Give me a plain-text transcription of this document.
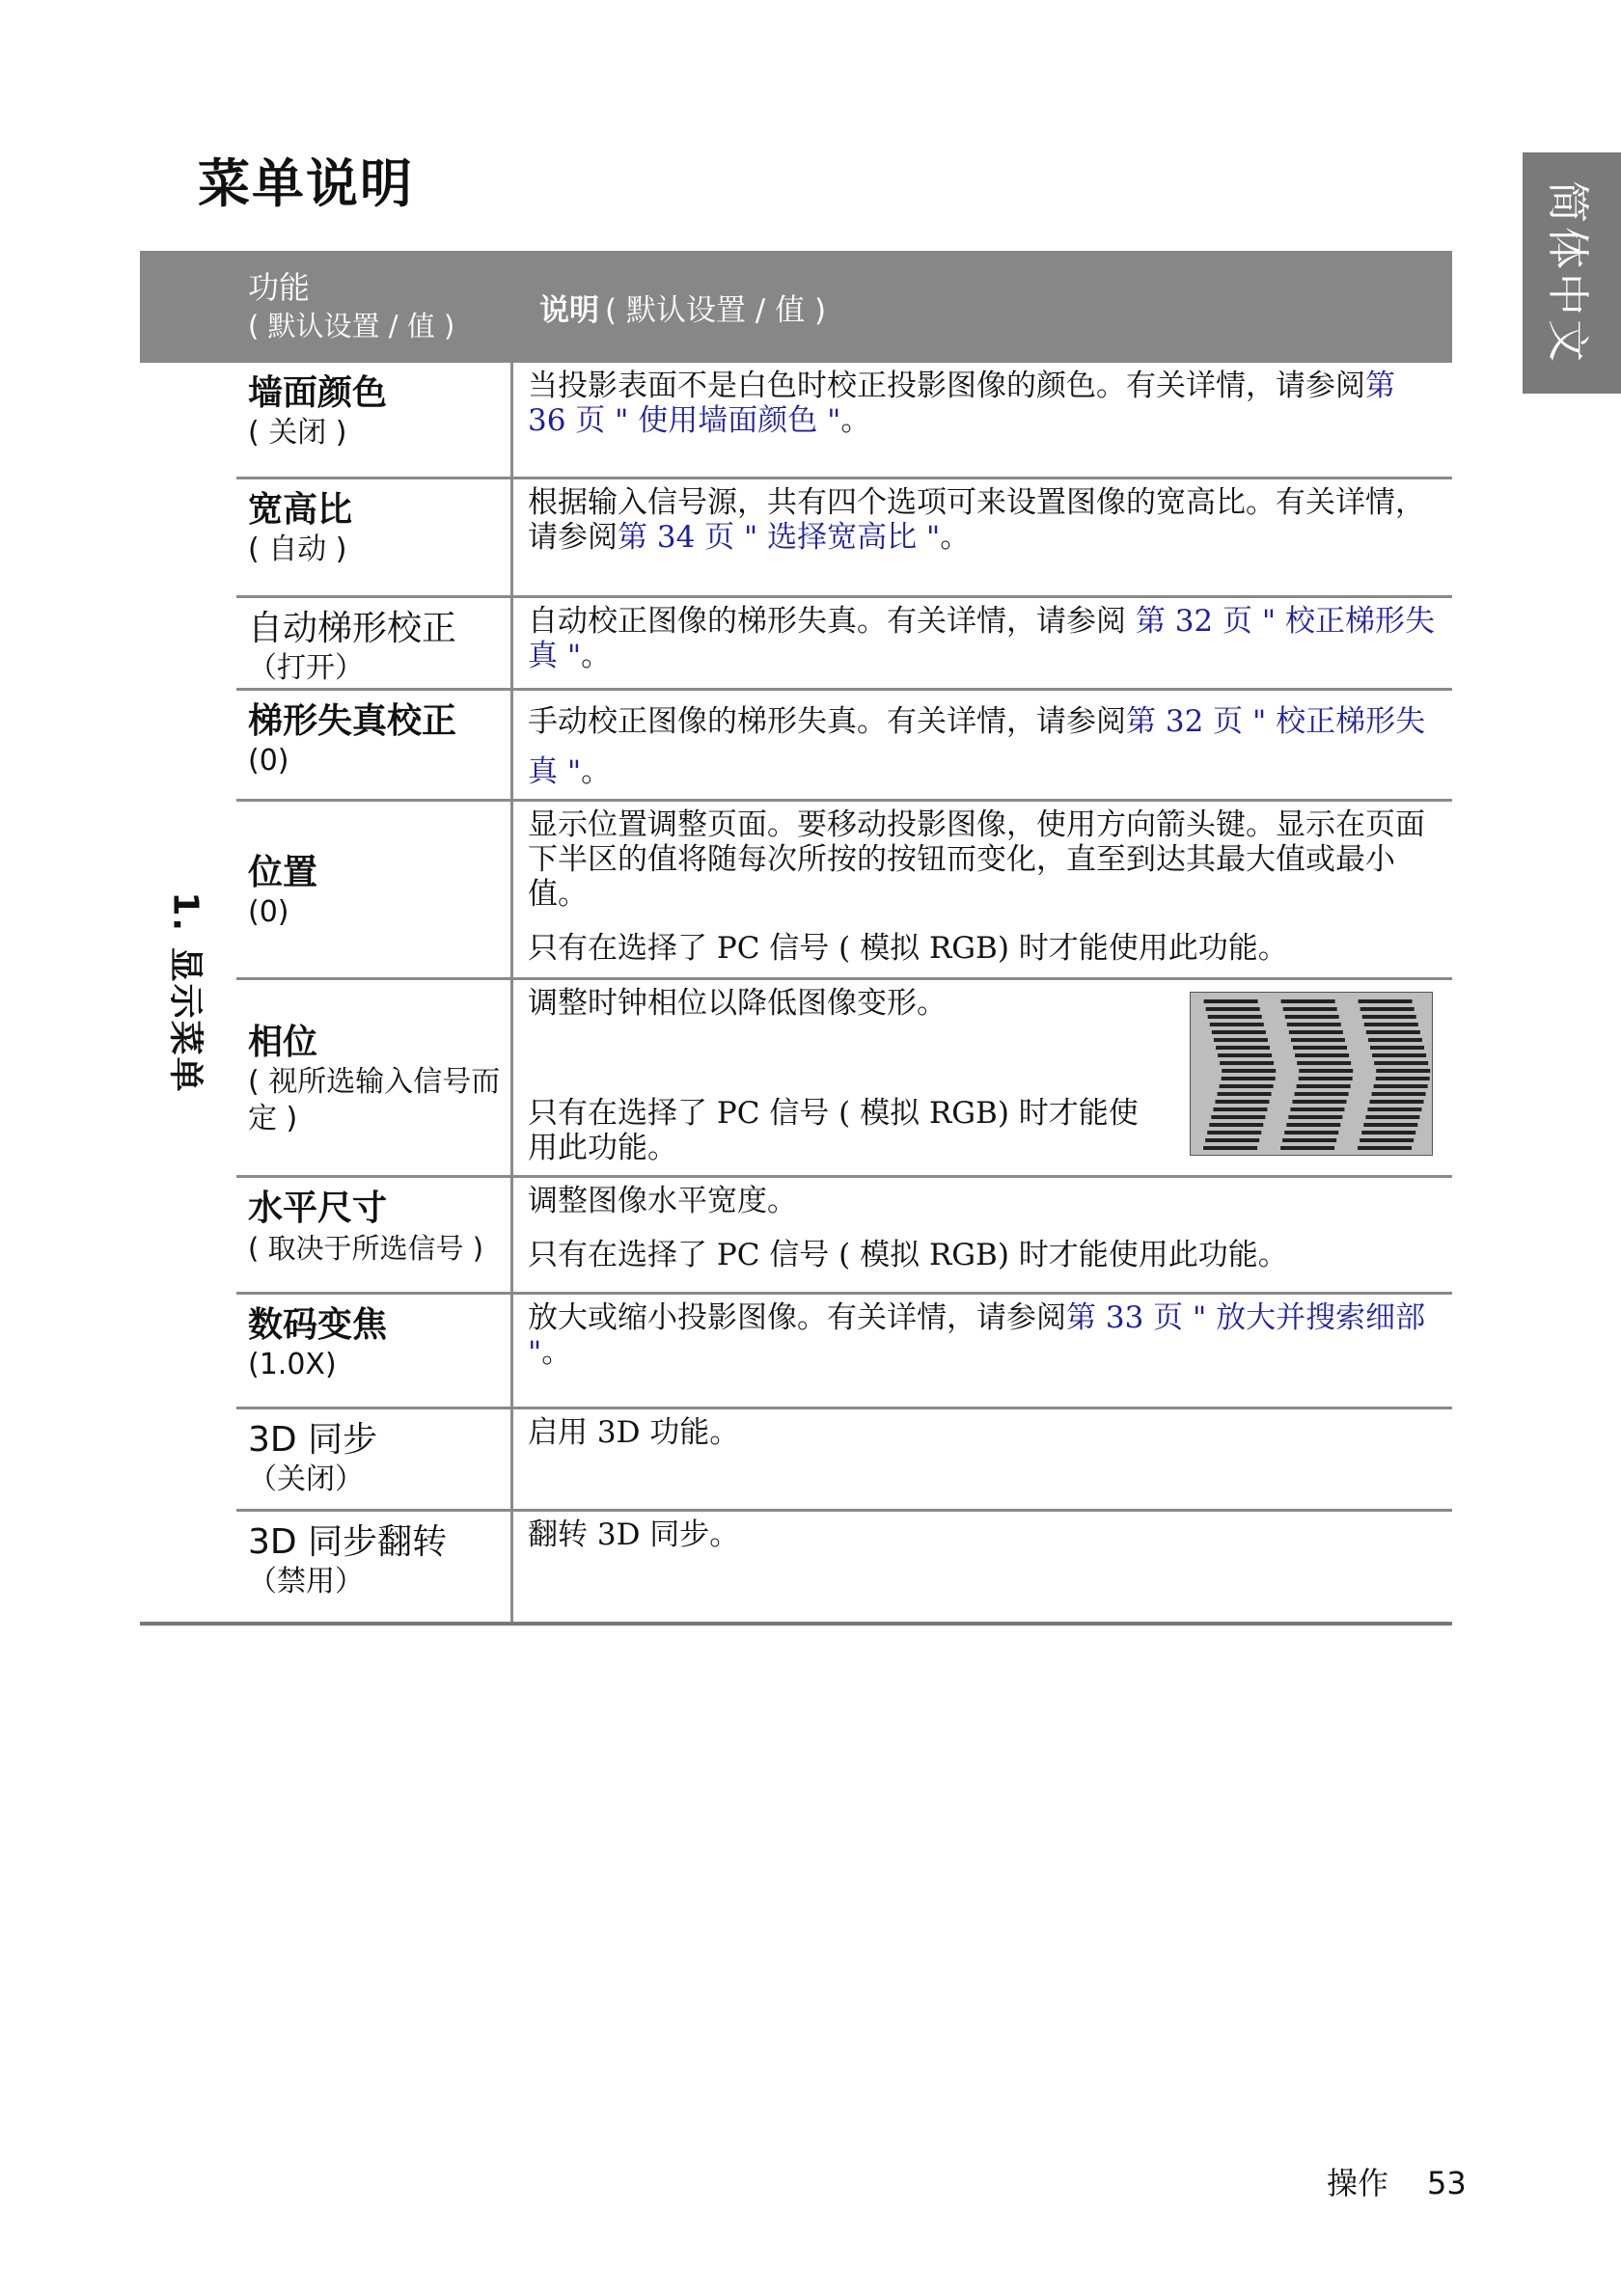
菜单说明	简体中文
功能
( 默认设置 / 值 )	说明 ( 默认设置 / 值 )
1. 显示菜单
墙面颜色
( 关闭 )

当投影表面不是白色时校正投影图像的颜色。有关详情，请参阅第 36 页 " 使用墙面颜色 "。

宽高比
( 自动 )

根据输入信号源，共有四个选项可来设置图像的宽高比。有关详情，请参阅第 34 页 " 选择宽高比 "。

自动梯形校正
（打开）

自动校正图像的梯形失真。有关详情，请参阅 第 32 页 " 校正梯形失真 "。

梯形失真校正
(0)

手动校正图像的梯形失真。有关详情，请参阅第 32 页 " 校正梯形失真 "。

位置
(0)

显示位置调整页面。要移动投影图像，使用方向箭头键。显示在页面下半区的值将随每次所按的按钮而变化，直至到达其最大值或最小值。

只有在选择了 PC 信号 ( 模拟 RGB) 时才能使用此功能。

相位
( 视所选输入信号而定 )

调整时钟相位以降低图像变形。

只有在选择了 PC 信号 ( 模拟 RGB) 时才能使用此功能。

水平尺寸
( 取决于所选信号 )

调整图像水平宽度。

只有在选择了 PC 信号 ( 模拟 RGB) 时才能使用此功能。

数码变焦
(1.0X)

放大或缩小投影图像。有关详情，请参阅第 33 页 " 放大并搜索细部 "。

3D 同步
（关闭）

启用 3D 功能。

3D 同步翻转
（禁用）

翻转 3D 同步。

操作 53
